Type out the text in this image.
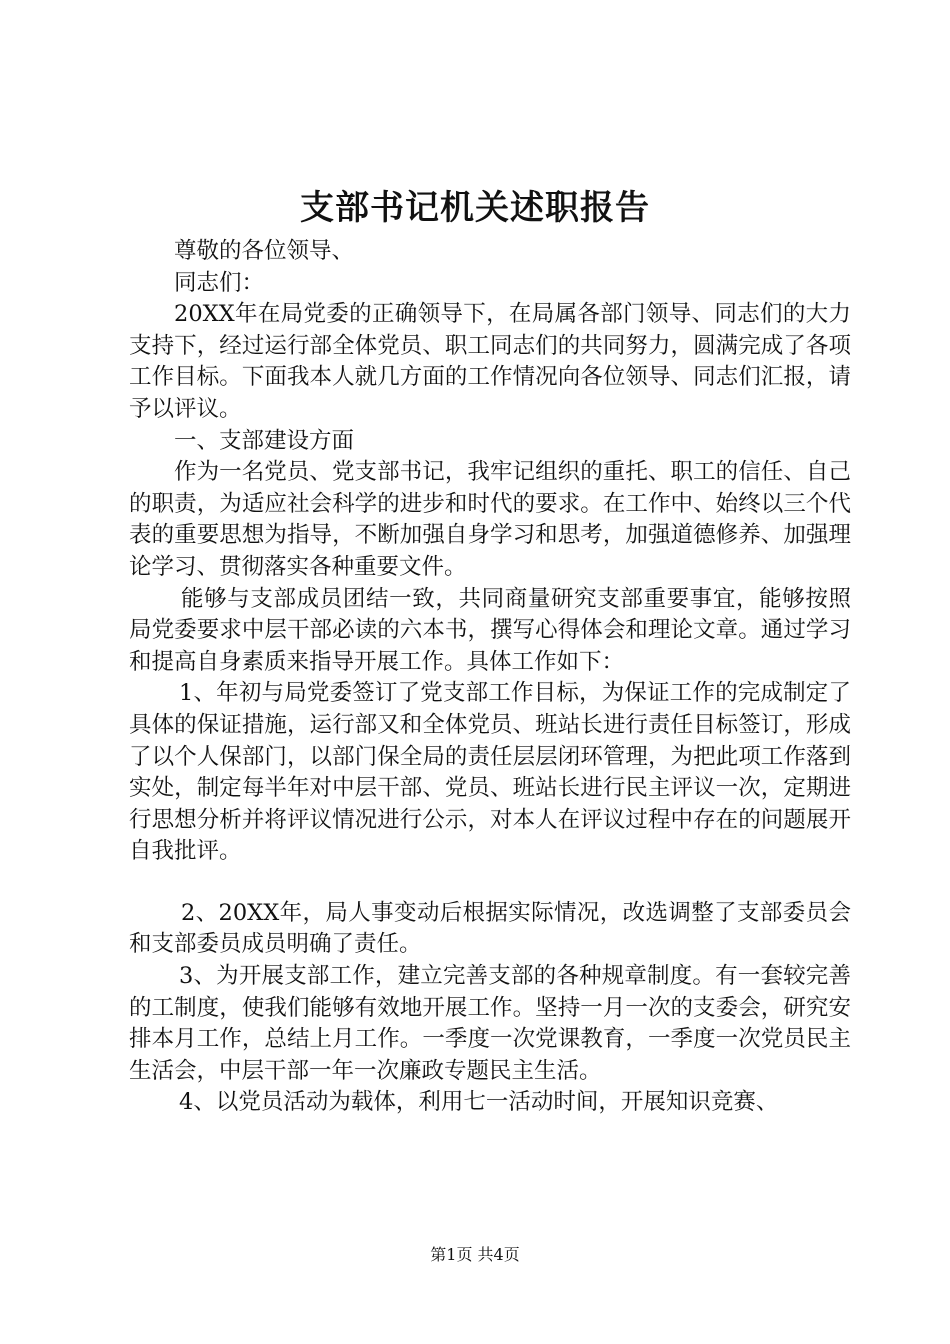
支部书记机关述职报告

尊敬的各位领导、

同志们：

20XX年在局党委的正确领导下，在局属各部门领导、同志们的大力支持下，经过运行部全体党员、职工同志们的共同努力，圆满完成了各项工作目标。下面我本人就几方面的工作情况向各位领导、同志们汇报，请予以评议。

一、支部建设方面

作为一名党员、党支部书记，我牢记组织的重托、职工的信任、自己的职责，为适应社会科学的进步和时代的要求。在工作中、始终以三个代表的重要思想为指导，不断加强自身学习和思考，加强道德修养、加强理论学习、贯彻落实各种重要文件。

能够与支部成员团结一致，共同商量研究支部重要事宜，能够按照局党委要求中层干部必读的六本书，撰写心得体会和理论文章。通过学习和提高自身素质来指导开展工作。具体工作如下：

1、年初与局党委签订了党支部工作目标，为保证工作的完成制定了具体的保证措施，运行部又和全体党员、班站长进行责任目标签订，形成了以个人保部门，以部门保全局的责任层层闭环管理，为把此项工作落到实处，制定每半年对中层干部、党员、班站长进行民主评议一次，定期进行思想分析并将评议情况进行公示，对本人在评议过程中存在的问题展开自我批评。

2、20XX年，局人事变动后根据实际情况，改选调整了支部委员会和支部委员成员明确了责任。

3、为开展支部工作，建立完善支部的各种规章制度。有一套较完善的工制度，使我们能够有效地开展工作。坚持一月一次的支委会，研究安排本月工作，总结上月工作。一季度一次党课教育，一季度一次党员民主生活会，中层干部一年一次廉政专题民主生活。

4、以党员活动为载体，利用七一活动时间，开展知识竞赛、

第1页 共4页
